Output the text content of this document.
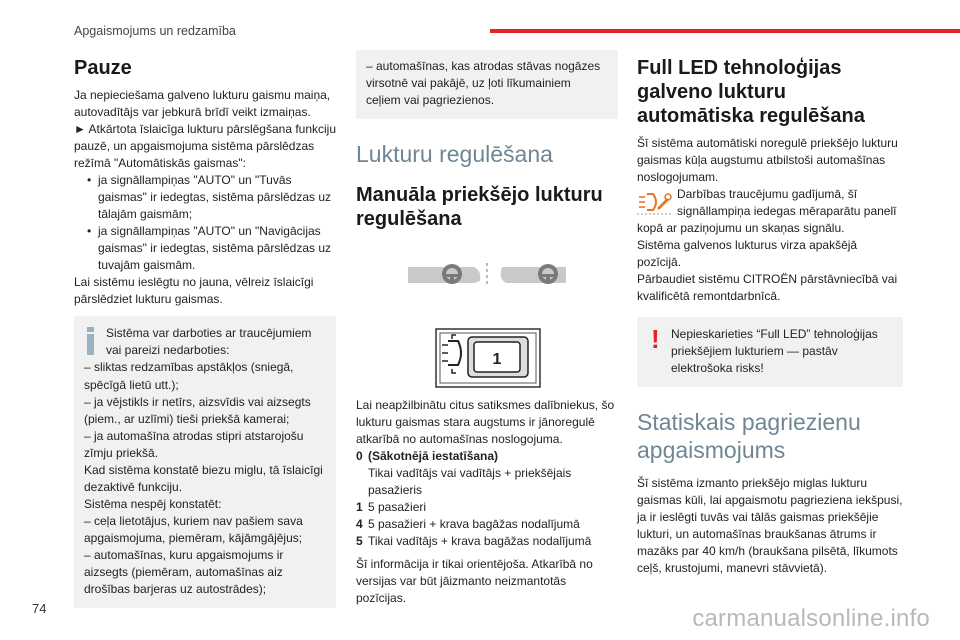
Apgaismojums un redzamība
Pauze
Ja nepieciešama galveno lukturu gaismu maiņa, autovadītājs var jebkurā brīdī veikt izmaiņas.
► Atkārtota īslaicīga lukturu pārslēgšana funkciju pauzē, un apgaismojuma sistēma pārslēdzas režīmā "Automātiskās gaismas":
• ja signāllampiņas "AUTO" un "Tuvās gaismas" ir iedegtas, sistēma pārslēdzas uz tālajām gaismām;
• ja signāllampiņas "AUTO" un "Navigācijas gaismas" ir iedegtas, sistēma pārslēdzas uz tuvajām gaismām.
Lai sistēmu ieslēgtu no jauna, vēlreiz īslaicīgi pārslēdziet lukturu gaismas.
Sistēma var darboties ar traucējumiem vai pareizi nedarboties:
– sliktas redzamības apstākļos (sniegā, spēcīgā lietū utt.);
– ja vējstikls ir netīrs, aizsvīdis vai aizsegts (piem., ar uzlīmi) tieši priekšā kamerai;
– ja automašīna atrodas stipri atstarojošu zīmju priekšā.
Kad sistēma konstatē biezu miglu, tā īslaicīgi dezaktivē funkciju.
Sistēma nespēj konstatēt:
– ceļa lietotājus, kuriem nav pašiem sava apgaismojuma, piemēram, kājāmgājējus;
– automašīnas, kuru apgaismojums ir aizsegts (piemēram, automašīnas aiz drošības barjeras uz autostrādes);
– automašīnas, kas atrodas stāvas nogāzes virsotnē vai pakājē, uz ļoti līkumainiem ceļiem vai pagriezienos.
Lukturu regulēšana
Manuāla priekšējo lukturu regulēšana
1
Lai neapžilbinātu citus satiksmes dalībniekus, šo lukturu gaismas stara augstums ir jānoregulē atkarībā no automašīnas noslogojuma.
0 (Sākotnējā iestatīšana)
Tikai vadītājs vai vadītājs + priekšējais pasažieris
1 5 pasažieri
4 5 pasažieri + krava bagāžas nodalījumā
5 Tikai vadītājs + krava bagāžas nodalījumā
Šī informācija ir tikai orientējoša. Atkarībā no versijas var būt jāizmanto neizmantotās pozīcijas.
Full LED tehnoloģijas galveno lukturu automātiska regulēšana
Šī sistēma automātiski noregulē priekšējo lukturu gaismas kūļa augstumu atbilstoši automašīnas noslogojumam.
Darbības traucējumu gadījumā, šī signāllampiņa iedegas mēraparātu panelī kopā ar paziņojumu un skaņas signālu.
Sistēma galvenos lukturus virza apakšējā pozīcijā.
Pārbaudiet sistēmu CITROËN pārstāvniecībā vai kvalificētā remontdarbnīcā.
! Nepieskarieties “Full LED” tehnoloģijas priekšējiem lukturiem — pastāv elektrošoka risks!
Statiskais pagriezienu apgaismojums
Šī sistēma izmanto priekšējo miglas lukturu gaismas kūli, lai apgaismotu pagrieziena iekšpusi, ja ir ieslēgti tuvās vai tālās gaismas priekšējie lukturi, un automašīnas braukšanas ātrums ir mazāks par 40 km/h (braukšana pilsētā, līkumots ceļš, krustojumi, manevri stāvvietā).
74	carmanualsonline.info
